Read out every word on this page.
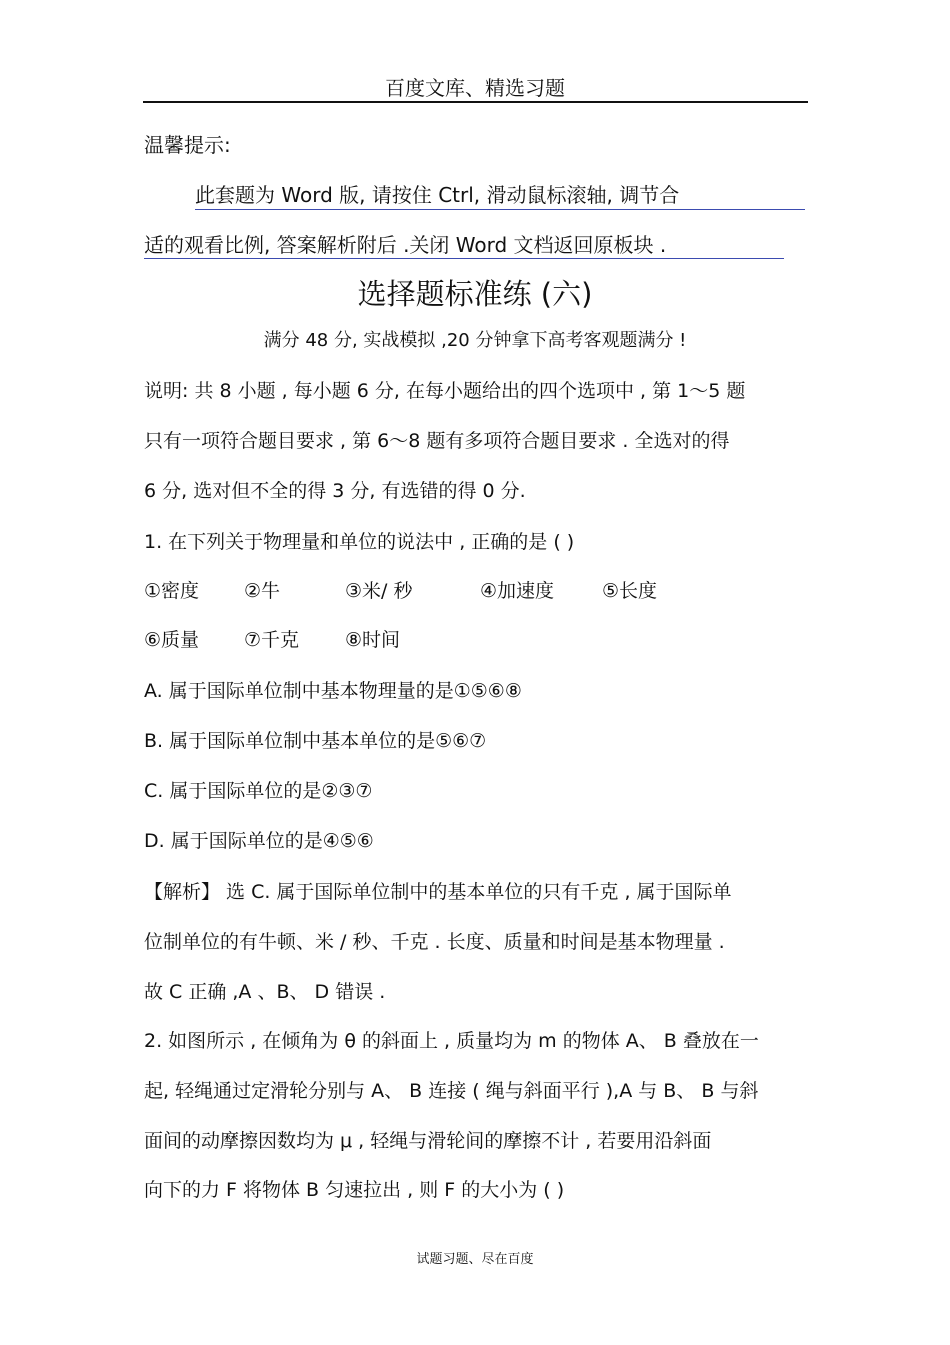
百度文库、精选习题
温馨提示:
此套题为 Word 版, 请按住 Ctrl, 滑动鼠标滚轴, 调节合
适的观看比例, 答案解析附后 .关闭 Word 文档返回原板块 .
选择题标准练 (六)
满分 48 分, 实战模拟 ,20 分钟拿下高考客观题满分 !
说明: 共 8 小题 , 每小题 6 分, 在每小题给出的四个选项中 , 第 1～5 题
只有一项符合题目要求 , 第 6～8 题有多项符合题目要求 . 全选对的得
6 分, 选对但不全的得 3 分, 有选错的得 0 分.
1. 在下列关于物理量和单位的说法中 , 正确的是 ( )
①密度 ②牛	③米/ 秒	④加速度	⑤长度
⑥质量 ⑦千克 ⑧时间
A. 属于国际单位制中基本物理量的是①⑤⑥⑧
B. 属于国际单位制中基本单位的是⑤⑥⑦
C. 属于国际单位的是②③⑦
D. 属于国际单位的是④⑤⑥
【解析】 选 C. 属于国际单位制中的基本单位的只有千克 , 属于国际单
位制单位的有牛顿、米 / 秒、千克 . 长度、质量和时间是基本物理量 .
故 C 正确 ,A 、B、 D 错误 .
2. 如图所示 , 在倾角为 θ 的斜面上 , 质量均为 m 的物体 A、 B 叠放在一
起, 轻绳通过定滑轮分别与 A、 B 连接 ( 绳与斜面平行 ),A 与 B、 B 与斜
面间的动摩擦因数均为 μ , 轻绳与滑轮间的摩擦不计 , 若要用沿斜面
向下的力 F 将物体 B 匀速拉出 , 则 F 的大小为 ( )
试题习题、尽在百度
